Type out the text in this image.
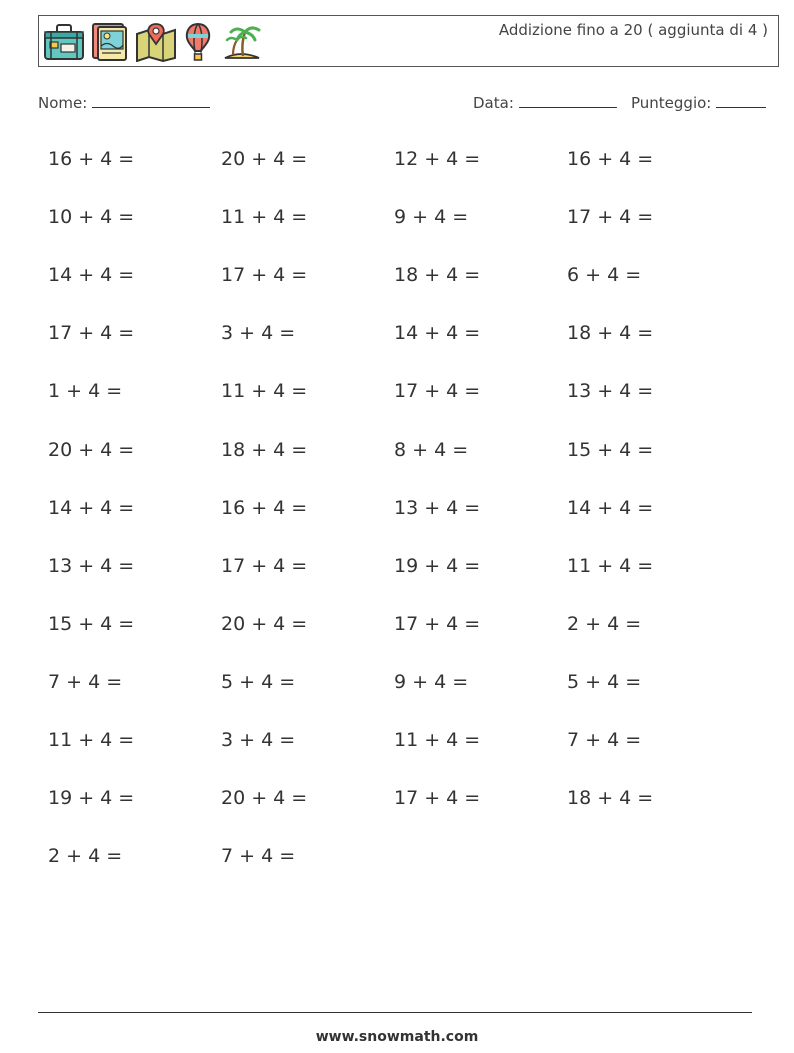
Addizione fino a 20 ( aggiunta di 4 )
Nome:	Data:	Punteggio:
16 + 4 =	20 + 4 =	12 + 4 =	16 + 4 =
10 + 4 =	11 + 4 =	9 + 4 =	17 + 4 =
14 + 4 =	17 + 4 =	18 + 4 =	6 + 4 =
17 + 4 =	3 + 4 =	14 + 4 =	18 + 4 =
1 + 4 =	11 + 4 =	17 + 4 =	13 + 4 =
20 + 4 =	18 + 4 =	8 + 4 =	15 + 4 =
14 + 4 =	16 + 4 =	13 + 4 =	14 + 4 =
13 + 4 =	17 + 4 =	19 + 4 =	11 + 4 =
15 + 4 =	20 + 4 =	17 + 4 =	2 + 4 =
7 + 4 =	5 + 4 =	9 + 4 =	5 + 4 =
11 + 4 =	3 + 4 =	11 + 4 =	7 + 4 =
19 + 4 =	20 + 4 =	17 + 4 =	18 + 4 =
2 + 4 =	7 + 4 =
www.snowmath.com
